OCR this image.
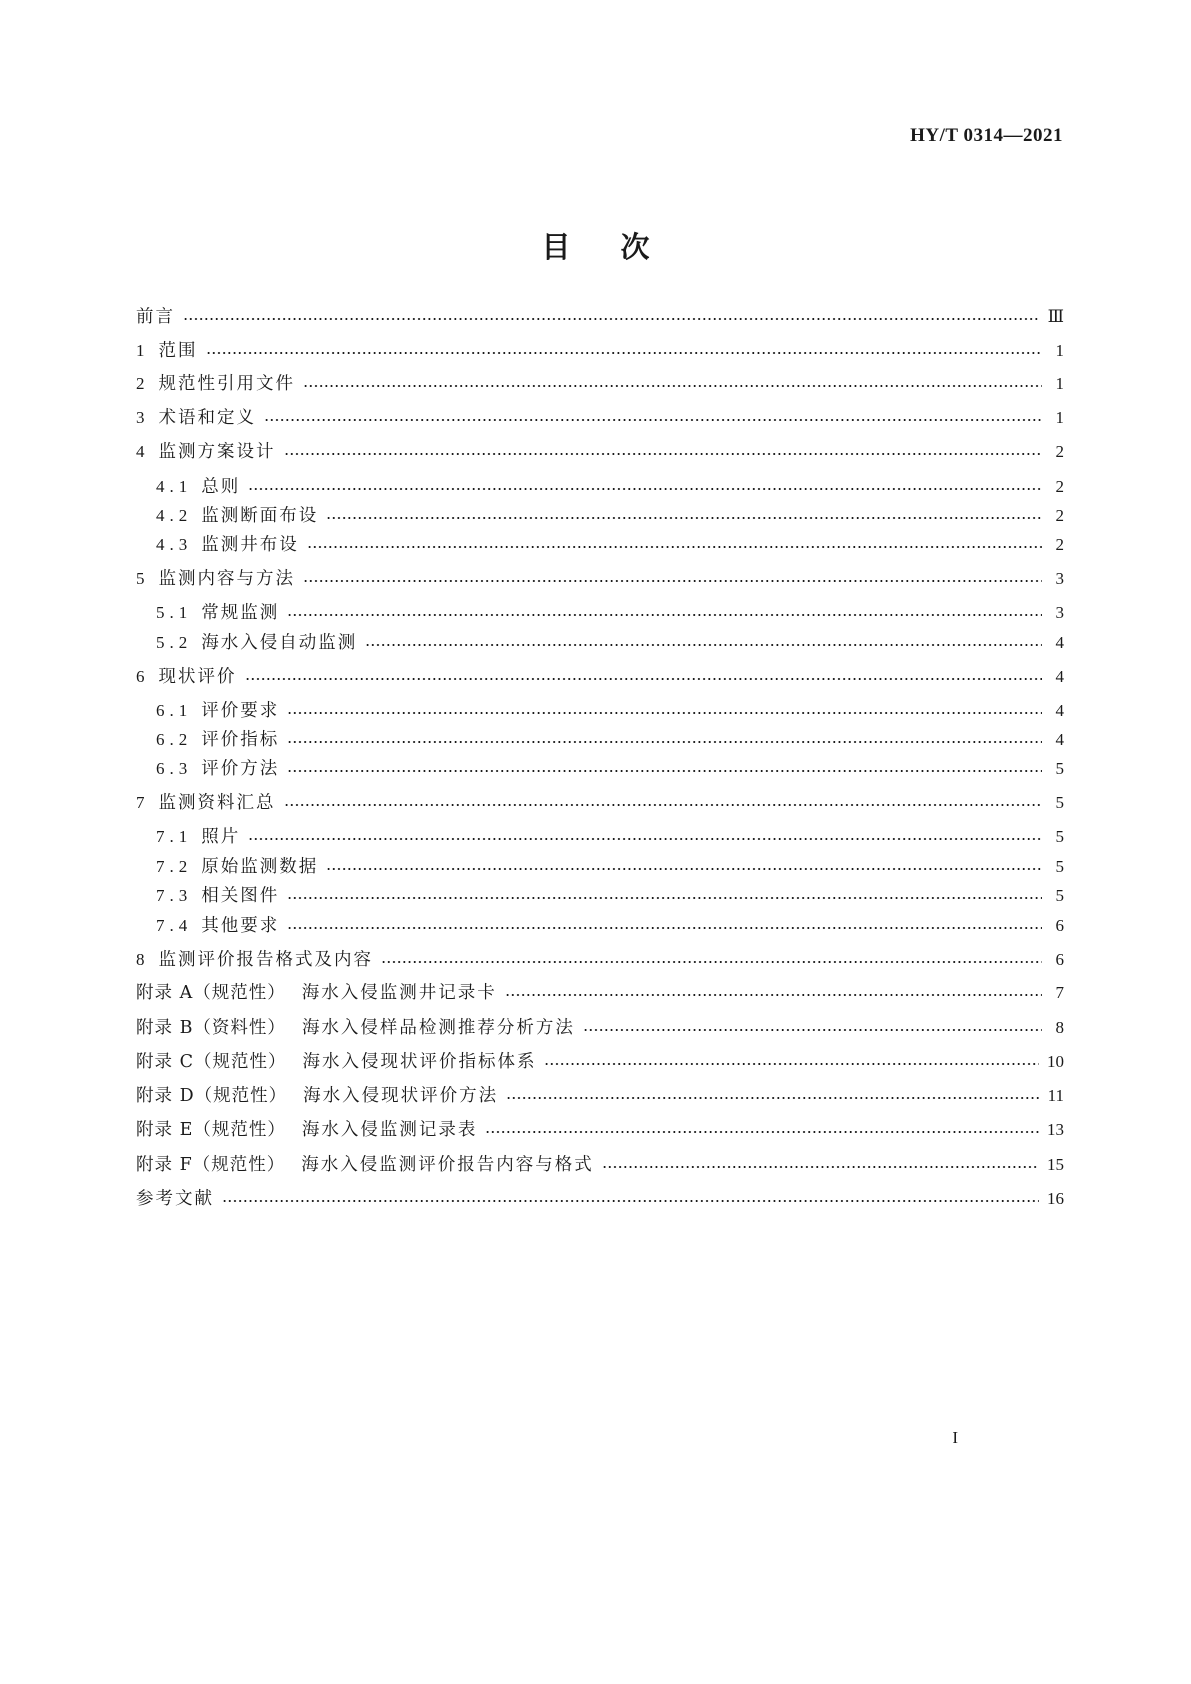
HY/T 0314—2021
目次
前言	Ⅲ
1 范围	1
2 规范性引用文件	1
3 术语和定义	1
4 监测方案设计	2
4.1 总则	2
4.2 监测断面布设	2
4.3 监测井布设	2
5 监测内容与方法	3
5.1 常规监测	3
5.2 海水入侵自动监测	4
6 现状评价	4
6.1 评价要求	4
6.2 评价指标	4
6.3 评价方法	5
7 监测资料汇总	5
7.1 照片	5
7.2 原始监测数据	5
7.3 相关图件	5
7.4 其他要求	6
8 监测评价报告格式及内容	6
附录 A（规范性） 海水入侵监测井记录卡	7
附录 B（资料性） 海水入侵样品检测推荐分析方法	8
附录 C（规范性） 海水入侵现状评价指标体系	10
附录 D（规范性） 海水入侵现状评价方法	11
附录 E（规范性） 海水入侵监测记录表	13
附录 F（规范性） 海水入侵监测评价报告内容与格式	15
参考文献	16
I
